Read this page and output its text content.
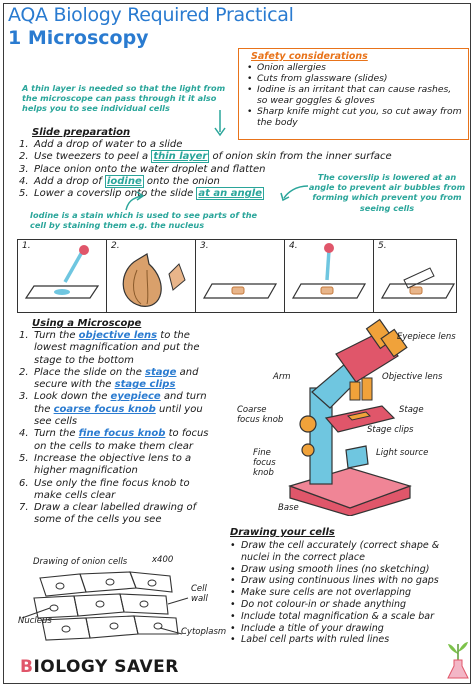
AQA Biology Required Practical
1 Microscopy
A thin layer is needed so that the light from the microscope can pass through it it also helps you to see individual cells
Safety considerations
• Onion allergies
• Cuts from glassware (slides)
• Iodine is an irritant that can cause rashes, so wear goggles & gloves
• Sharp knife might cut you, so cut away from the body
Slide preparation
1. Add a drop of water to a slide
2. Use tweezers to peel a thin layer of onion skin from the inner surface
3. Place onion onto the water droplet and flatten
4. Add a drop of iodine onto the onion
5. Lower a coverslip onto the slide at an angle
The coverslip is lowered at an angle to prevent air bubbles from forming which prevent you from seeing cells
Iodine is a stain which is used to see parts of the cell by staining them e.g. the nucleus
1.	2.	3.	4.	5.
Using a Microscope
1. Turn the objective lens to the lowest magnification and put the stage to the bottom
2. Place the slide on the stage and secure with the stage clips
3. Look down the eyepiece and turn the coarse focus knob until you see cells
4. Turn the fine focus knob to focus on the cells to make them clear
5. Increase the objective lens to a higher magnification
6. Use only the fine focus knob to make cells clear
7. Draw a clear labelled drawing of some of the cells you see
Eyepiece lens
Arm	Objective lens
Coarse focus knob
Stage
Stage clips
Fine focus knob
Light source
Base
Drawing of onion cells	x400
Nucleus
Cell wall
Cytoplasm
Drawing your cells
• Draw the cell accurately (correct shape & nuclei in the correct place
• Draw using smooth lines (no sketching)
• Draw using continuous lines with no gaps
• Make sure cells are not overlapping
• Do not colour-in or shade anything
• Include total magnification & a scale bar
• Include a title of your drawing
• Label cell parts with ruled lines
BIOLOGY SAVER
